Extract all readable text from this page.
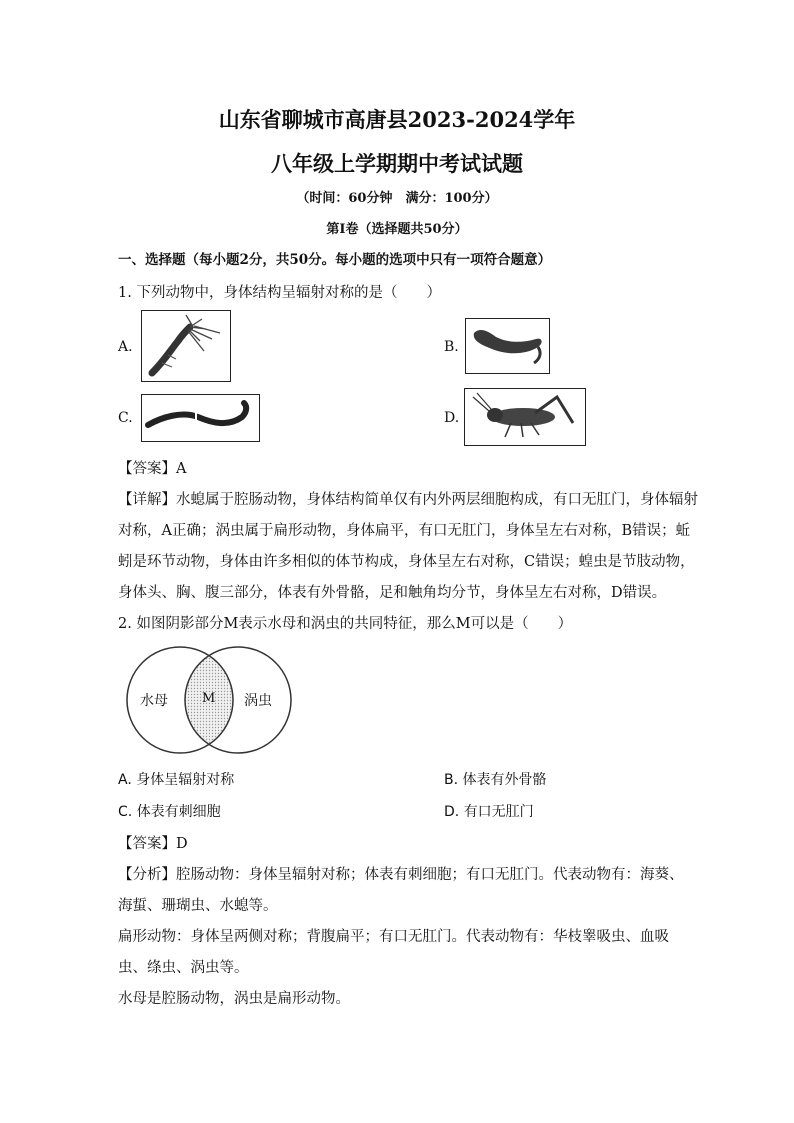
山东省聊城市高唐县2023-2024学年
八年级上学期期中考试试题
（时间：60分钟　满分：100分）
第Ⅰ卷（选择题共50分）
一、选择题（每小题2分，共50分。每小题的选项中只有一项符合题意）
1. 下列动物中，身体结构呈辐射对称的是（　　）
A.	B.
C.	D.
【答案】A
【详解】水螅属于腔肠动物，身体结构简单仅有内外两层细胞构成，有口无肛门，身体辐射
对称，A正确；涡虫属于扁形动物，身体扁平，有口无肛门，身体呈左右对称，B错误；蚯
蚓是环节动物，身体由许多相似的体节构成，身体呈左右对称，C错误；蝗虫是节肢动物，
身体头、胸、腹三部分，体表有外骨骼，足和触角均分节，身体呈左右对称，D错误。
2. 如图阴影部分M表示水母和涡虫的共同特征，那么M可以是（　　）
水母	M 涡虫
A. 身体呈辐射对称	B. 体表有外骨骼
C. 体表有刺细胞	D. 有口无肛门
【答案】D
【分析】腔肠动物：身体呈辐射对称；体表有刺细胞；有口无肛门。代表动物有：海葵、
海蜇、珊瑚虫、水螅等。
扁形动物：身体呈两侧对称；背腹扁平；有口无肛门。代表动物有：华枝睾吸虫、血吸
虫、绦虫、涡虫等。
水母是腔肠动物，涡虫是扁形动物。
